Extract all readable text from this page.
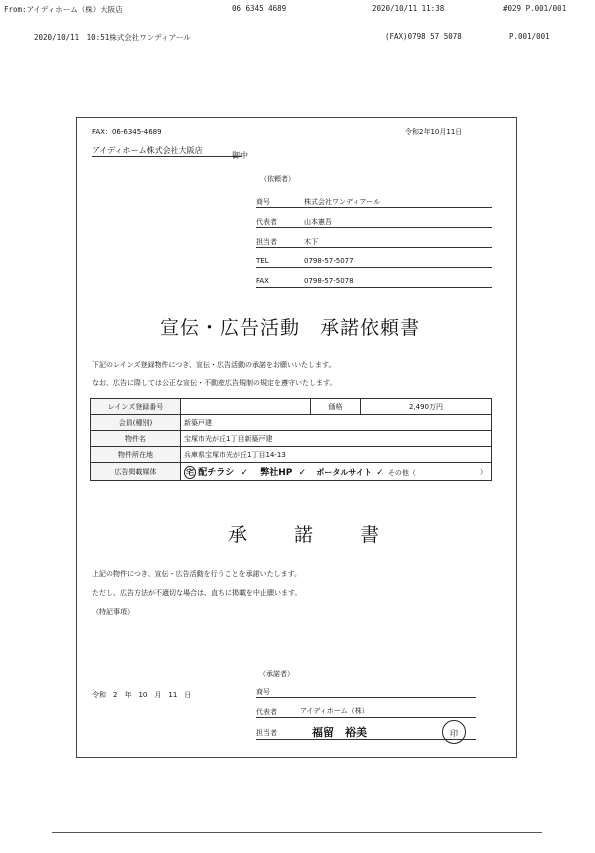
From:アイディホーム（株）大阪店	06 6345 4689	2020/10/11 11:38	#029 P.001/001
2020/10/11　10:51株式会社ワンディアール	(FAX)0798 57 5078	P.001/001
FAX：06-6345-4689	令和2年10月11日
アイディホーム株式会社大阪店
御中
（依頼者）
商号	株式会社ワンディアール
代表者	山本憲吾
担当者	木下
TEL	0798-57-5077
FAX	0798-57-5078
宣伝・広告活動　承諾依頼書
下記のレインズ登録物件につき、宣伝・広告活動の承諾をお願いいたします。
なお、広告に際しては公正な宣伝・不動産広告規制の規定を遵守いたします。
レインズ登録番号		価格	2,490万円
会員(種別)	新築戸建		
物件名	宝塚市光が丘1丁目新築戸建		
物件所在地	兵庫県宝塚市光が丘1丁目14-13		
広告掲載媒体	宅 配チラシ ✓ 弊社HP ✓ ポータルサイト ✓ その他（ ）		
承 諾 書
上記の物件につき、宣伝・広告活動を行うことを承諾いたします。
ただし、広告方法が不適切な場合は、直ちに掲載を中止願います。
（特記事項）
（承諾者）
令和　2　年　10　月　11　日	商号
代表者	アイディホーム（株）
担当者	福留　裕美	印
